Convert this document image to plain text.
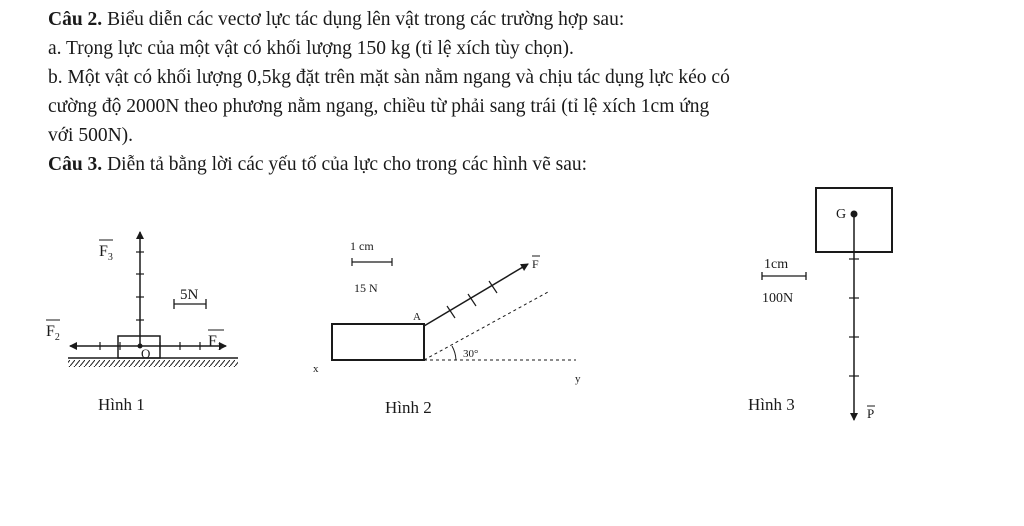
Câu 2. Biểu diễn các vectơ lực tác dụng lên vật trong các trường hợp sau:
a. Trọng lực của một vật có khối lượng 150 kg (tỉ lệ xích tùy chọn).
b. Một vật có khối lượng 0,5kg đặt trên mặt sàn nằm ngang và chịu tác dụng lực kéo có
cường độ 2000N theo phương nằm ngang, chiều từ phải sang trái (tỉ lệ xích 1cm ứng
với 500N).
Câu 3. Diễn tả bằng lời các yếu tố của lực cho trong các hình vẽ sau:
O
5N
$F_3$
$F_2$	$F_1$
Hình 1
1 cm
15 N
30°
F
A
x
y
Hình 2
G
1cm
100N
P
Hình 3
